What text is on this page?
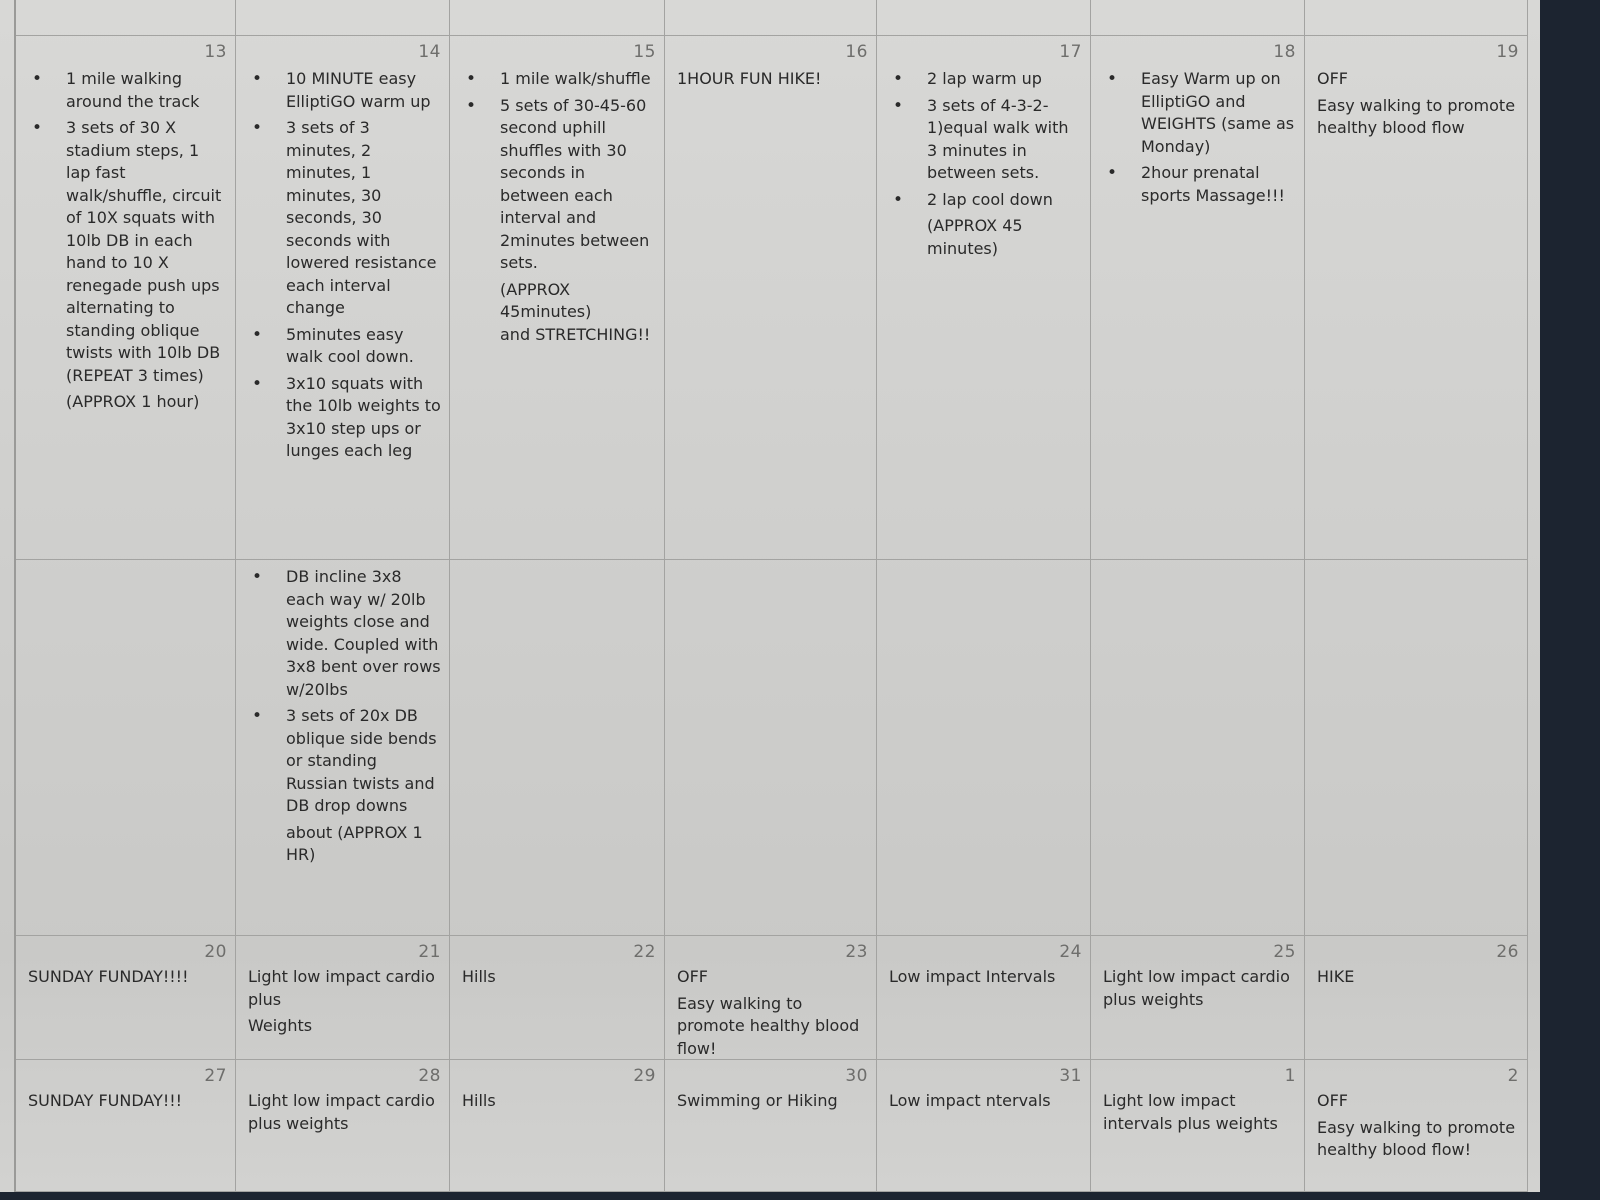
13
• 1 mile walking around the track
• 3 sets of 30 X stadium steps, 1 lap fast walk/shuffle, circuit of 10X squats with 10lb DB in each hand to 10 X renegade push ups alternating to standing oblique twists with 10lb DB (REPEAT 3 times)
(APPROX 1 hour)
14
• 10 MINUTE easy ElliptiGO warm up
• 3 sets of 3 minutes, 2 minutes, 1 minutes, 30 seconds, 30 seconds with lowered resistance each interval change
• 5minutes easy walk cool down.
• 3x10 squats with the 10lb weights to 3x10 step ups or lunges each leg
15
• 1 mile walk/shuffle
• 5 sets of 30-45-60 second uphill shuffles with 30 seconds in between each interval and 2minutes between sets.
(APPROX 45minutes)
and STRETCHING!!
16
1HOUR FUN HIKE!
17
• 2 lap warm up
• 3 sets of 4-3-2-1)equal walk with 3 minutes in between sets.
• 2 lap cool down
(APPROX 45 minutes)
18
• Easy Warm up on ElliptiGO and WEIGHTS (same as Monday)
• 2hour prenatal sports Massage!!!
19
OFF
Easy walking to promote healthy blood flow
• DB incline 3x8 each way w/ 20lb weights close and wide. Coupled with 3x8 bent over rows w/20lbs
• 3 sets of 20x DB oblique side bends or standing Russian twists and DB drop downs
about (APPROX 1 HR)
20
SUNDAY FUNDAY!!!!
21
Light low impact cardio plus
Weights
22
Hills
23
OFF
Easy walking to promote healthy blood flow!
24
Low impact Intervals
25
Light low impact cardio plus weights
26
HIKE
27
SUNDAY FUNDAY!!!
28
Light low impact cardio plus weights
29
Hills
30
Swimming or Hiking
31
Low impact ntervals
1
Light low impact intervals plus weights
2
OFF
Easy walking to promote healthy blood flow!
